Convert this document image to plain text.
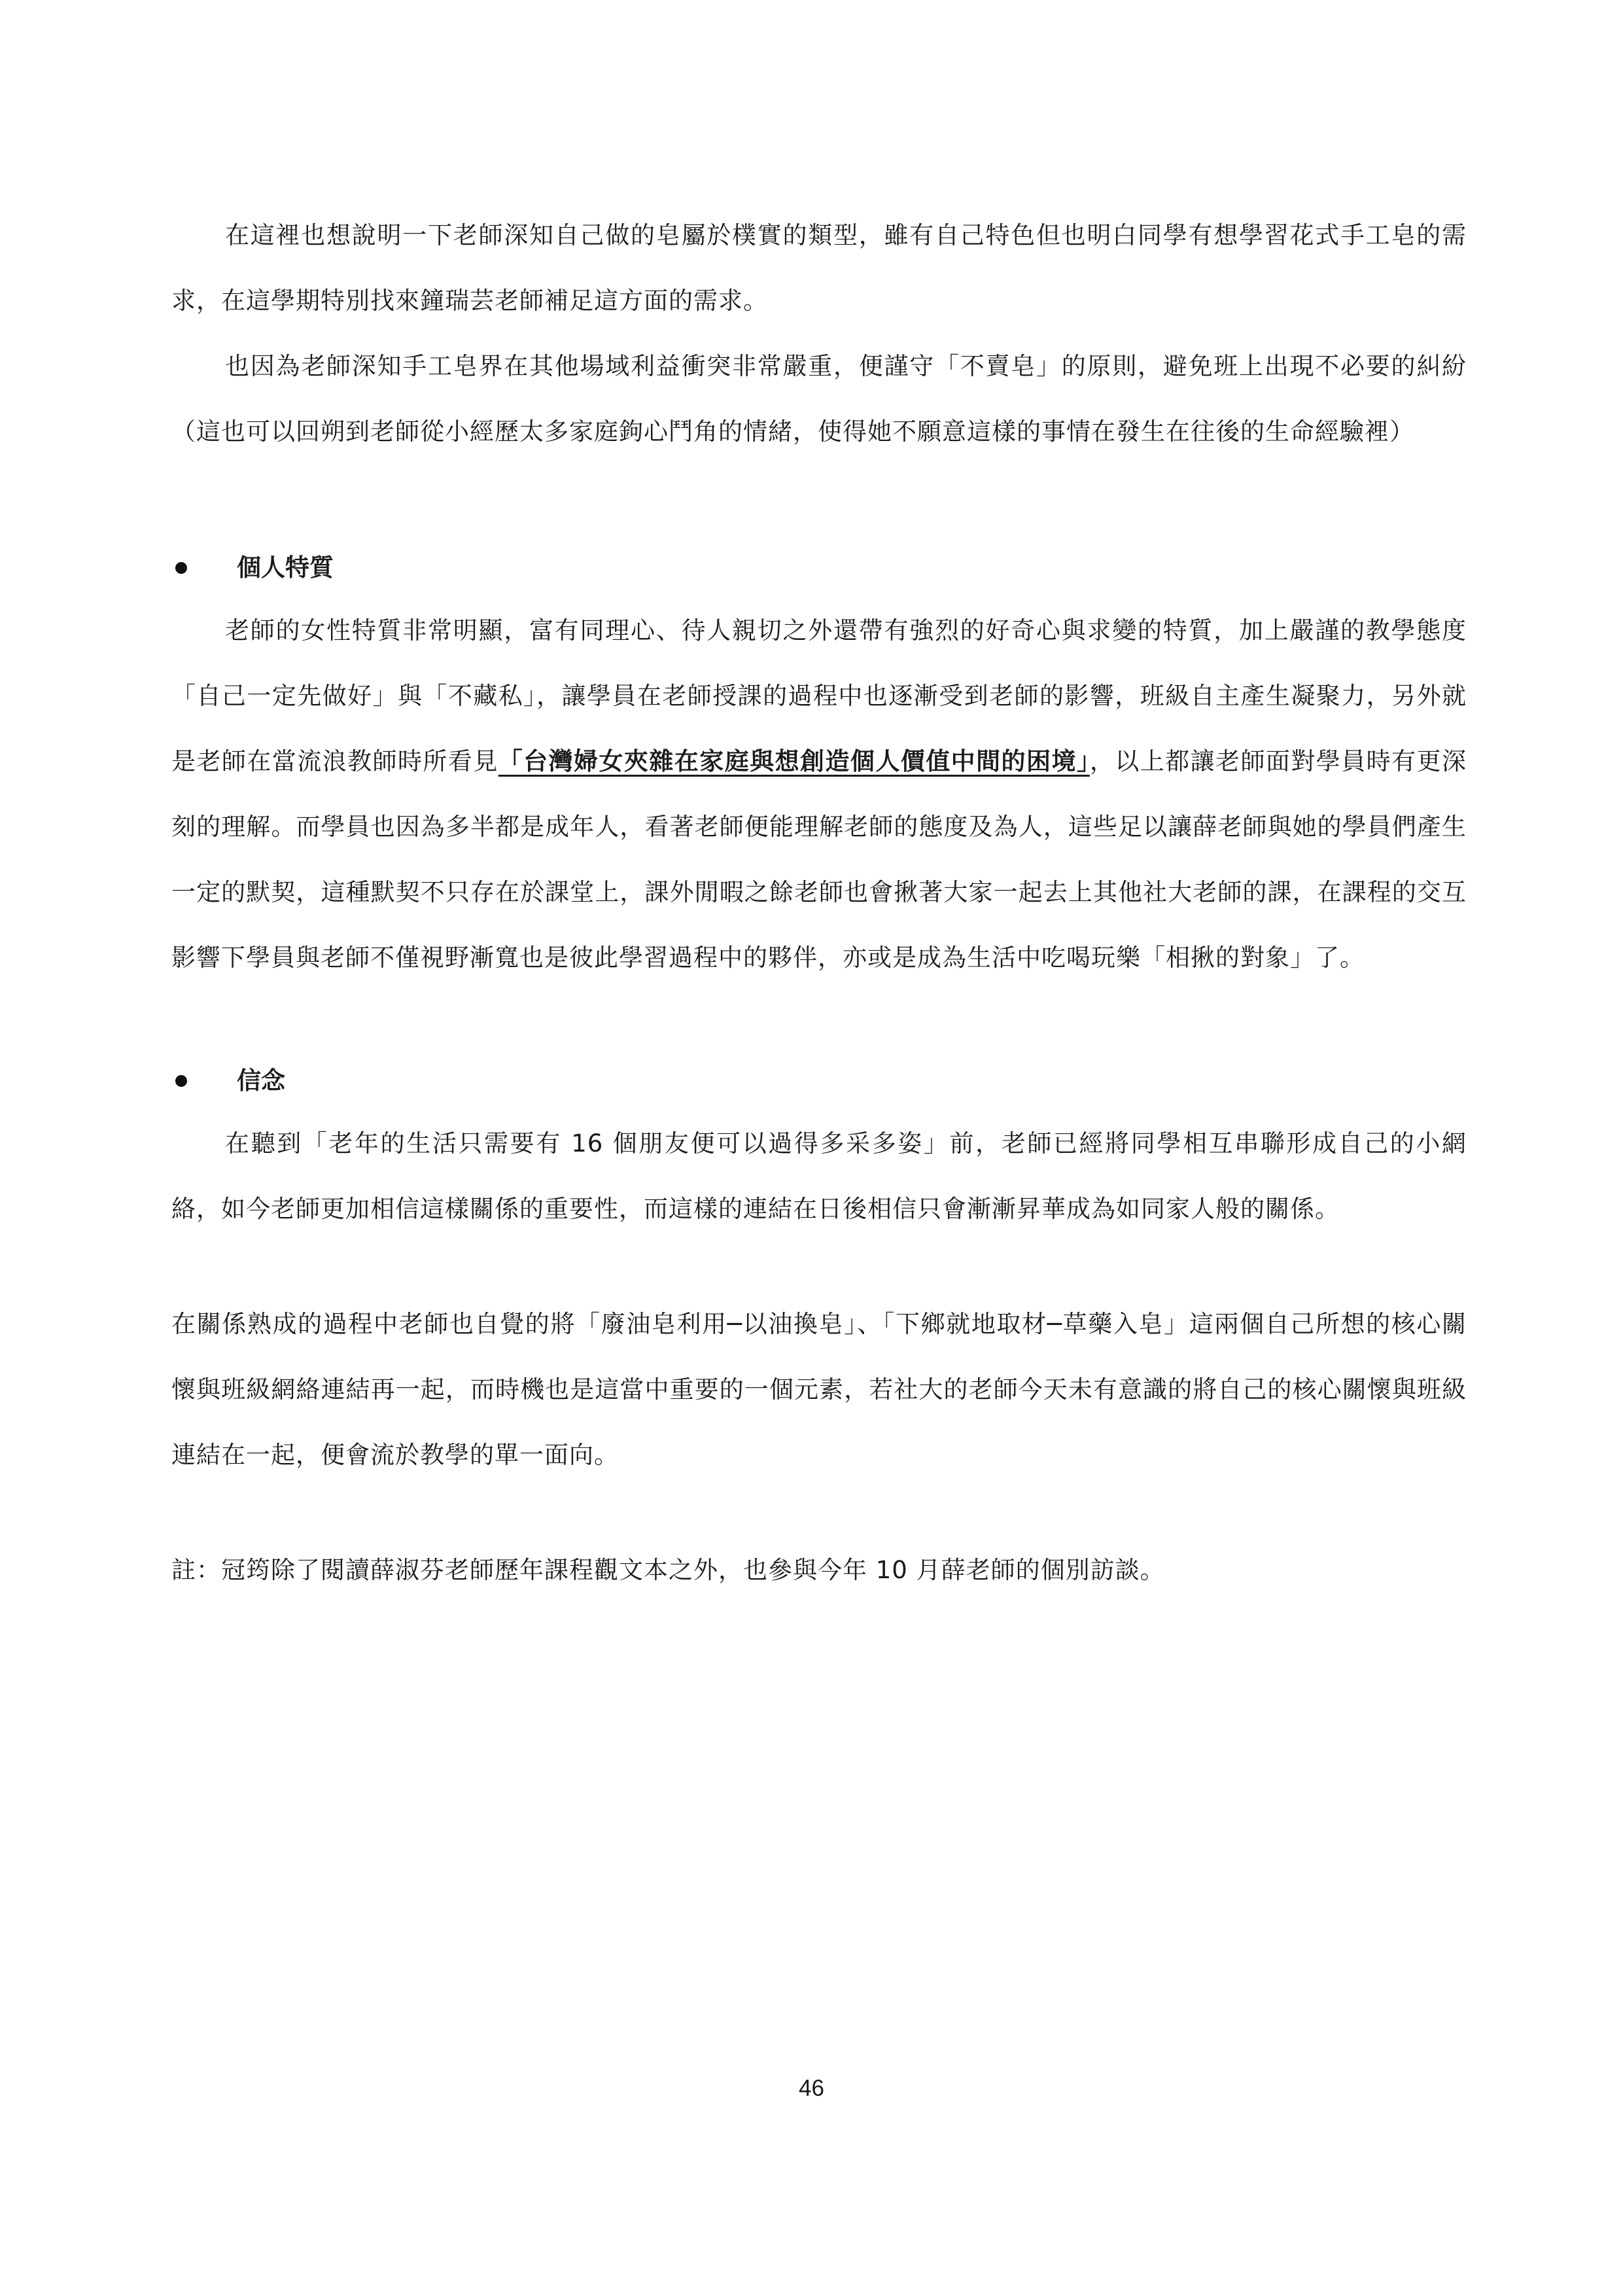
在這裡也想說明一下老師深知自己做的皂屬於樸實的類型，雖有自己特色但也明白同學有想學習花式手工皂的需求，在這學期特別找來鐘瑞芸老師補足這方面的需求。

也因為老師深知手工皂界在其他場域利益衝突非常嚴重，便謹守「不賣皂」的原則，避免班上出現不必要的糾紛（這也可以回朔到老師從小經歷太多家庭鉤心鬥角的情緒，使得她不願意這樣的事情在發生在往後的生命經驗裡）

個人特質

老師的女性特質非常明顯，富有同理心、待人親切之外還帶有強烈的好奇心與求變的特質，加上嚴謹的教學態度「自己一定先做好」與「不藏私」，讓學員在老師授課的過程中也逐漸受到老師的影響，班級自主產生凝聚力，另外就是老師在當流浪教師時所看見「台灣婦女夾雜在家庭與想創造個人價值中間的困境」，以上都讓老師面對學員時有更深刻的理解。而學員也因為多半都是成年人，看著老師便能理解老師的態度及為人，這些足以讓薛老師與她的學員們產生一定的默契，這種默契不只存在於課堂上，課外閒暇之餘老師也會揪著大家一起去上其他社大老師的課，在課程的交互影響下學員與老師不僅視野漸寬也是彼此學習過程中的夥伴，亦或是成為生活中吃喝玩樂「相揪的對象」了。

信念

在聽到「老年的生活只需要有 16 個朋友便可以過得多采多姿」前，老師已經將同學相互串聯形成自己的小網絡，如今老師更加相信這樣關係的重要性，而這樣的連結在日後相信只會漸漸昇華成為如同家人般的關係。

在關係熟成的過程中老師也自覺的將「廢油皂利用─以油換皂」、「下鄉就地取材─草藥入皂」這兩個自己所想的核心關懷與班級網絡連結再一起，而時機也是這當中重要的一個元素，若社大的老師今天未有意識的將自己的核心關懷與班級連結在一起，便會流於教學的單一面向。

註：冠筠除了閱讀薛淑芬老師歷年課程觀文本之外，也參與今年 10 月薛老師的個別訪談。

46
